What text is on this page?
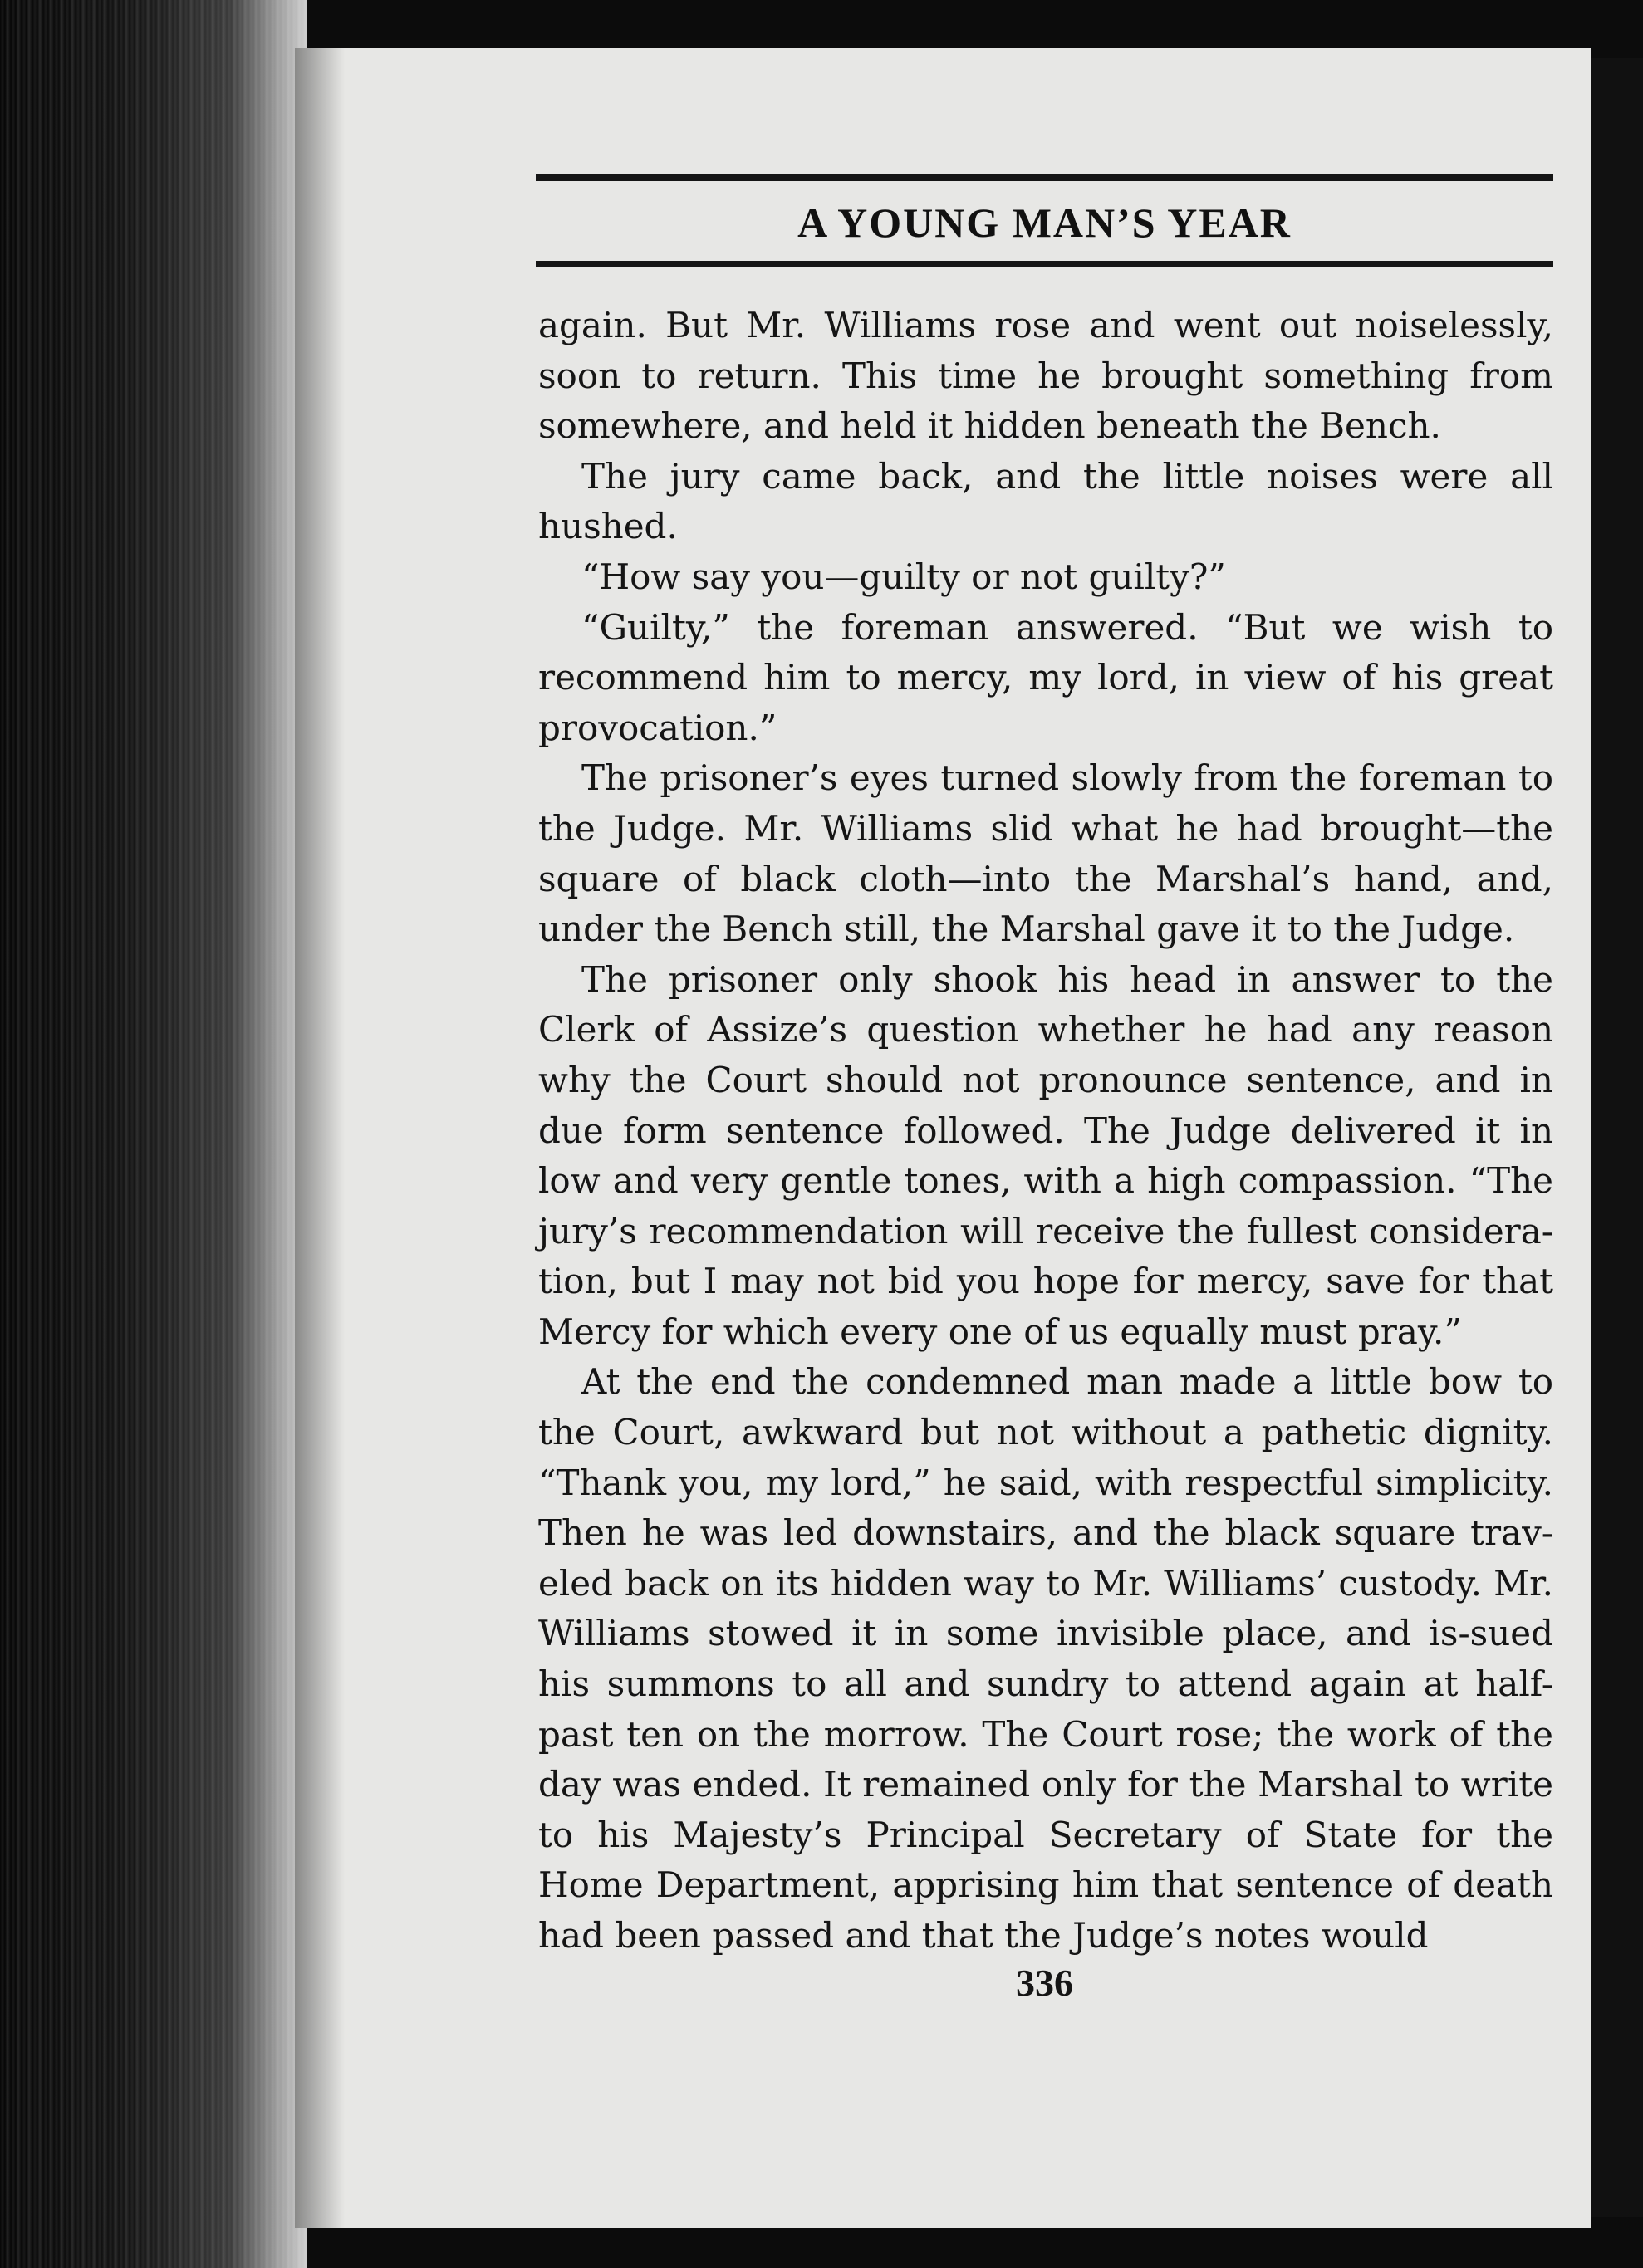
A YOUNG MAN’S YEAR

again. But Mr. Williams rose and went out noiselessly, soon to return. This time he brought something from somewhere, and held it hidden beneath the Bench.

The jury came back, and the little noises were all hushed.

“How say you—guilty or not guilty?”

“Guilty,” the foreman answered. “But we wish to recommend him to mercy, my lord, in view of his great provocation.”

The prisoner’s eyes turned slowly from the foreman to the Judge. Mr. Williams slid what he had brought—the square of black cloth—into the Marshal’s hand, and, under the Bench still, the Marshal gave it to the Judge.

The prisoner only shook his head in answer to the Clerk of Assize’s question whether he had any reason why the Court should not pronounce sentence, and in due form sentence followed. The Judge delivered it in low and very gentle tones, with a high compassion. “The jury’s recommendation will receive the fullest considera-tion, but I may not bid you hope for mercy, save for that Mercy for which every one of us equally must pray.”

At the end the condemned man made a little bow to the Court, awkward but not without a pathetic dignity. “Thank you, my lord,” he said, with respectful simplicity. Then he was led downstairs, and the black square trav-eled back on its hidden way to Mr. Williams’ custody. Mr. Williams stowed it in some invisible place, and is-sued his summons to all and sundry to attend again at half-past ten on the morrow. The Court rose; the work of the day was ended. It remained only for the Marshal to write to his Majesty’s Principal Secretary of State for the Home Department, apprising him that sentence of death had been passed and that the Judge’s notes would

336
